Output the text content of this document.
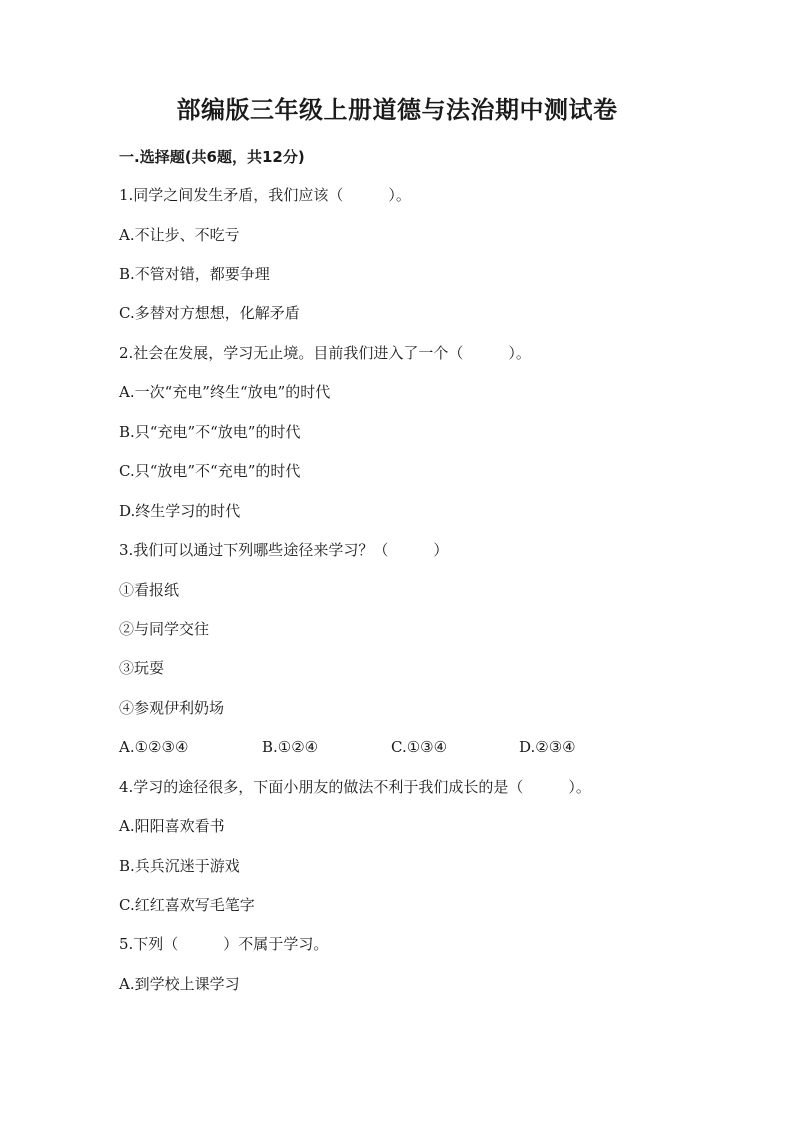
部编版三年级上册道德与法治期中测试卷
一.选择题(共6题，共12分)
1.同学之间发生矛盾，我们应该（　　　）。
A.不让步、不吃亏
B.不管对错，都要争理
C.多替对方想想，化解矛盾
2.社会在发展，学习无止境。目前我们进入了一个（　　　）。
A.一次“充电”终生“放电”的时代
B.只“充电”不“放电”的时代
C.只“放电”不“充电”的时代
D.终生学习的时代
3.我们可以通过下列哪些途径来学习？（　　　）
①看报纸
②与同学交往
③玩耍
④参观伊利奶场
A.①②③④	B.①②④	C.①③④	D.②③④
4.学习的途径很多，下面小朋友的做法不利于我们成长的是（　　　）。
A.阳阳喜欢看书
B.兵兵沉迷于游戏
C.红红喜欢写毛笔字
5.下列（　　　）不属于学习。
A.到学校上课学习
